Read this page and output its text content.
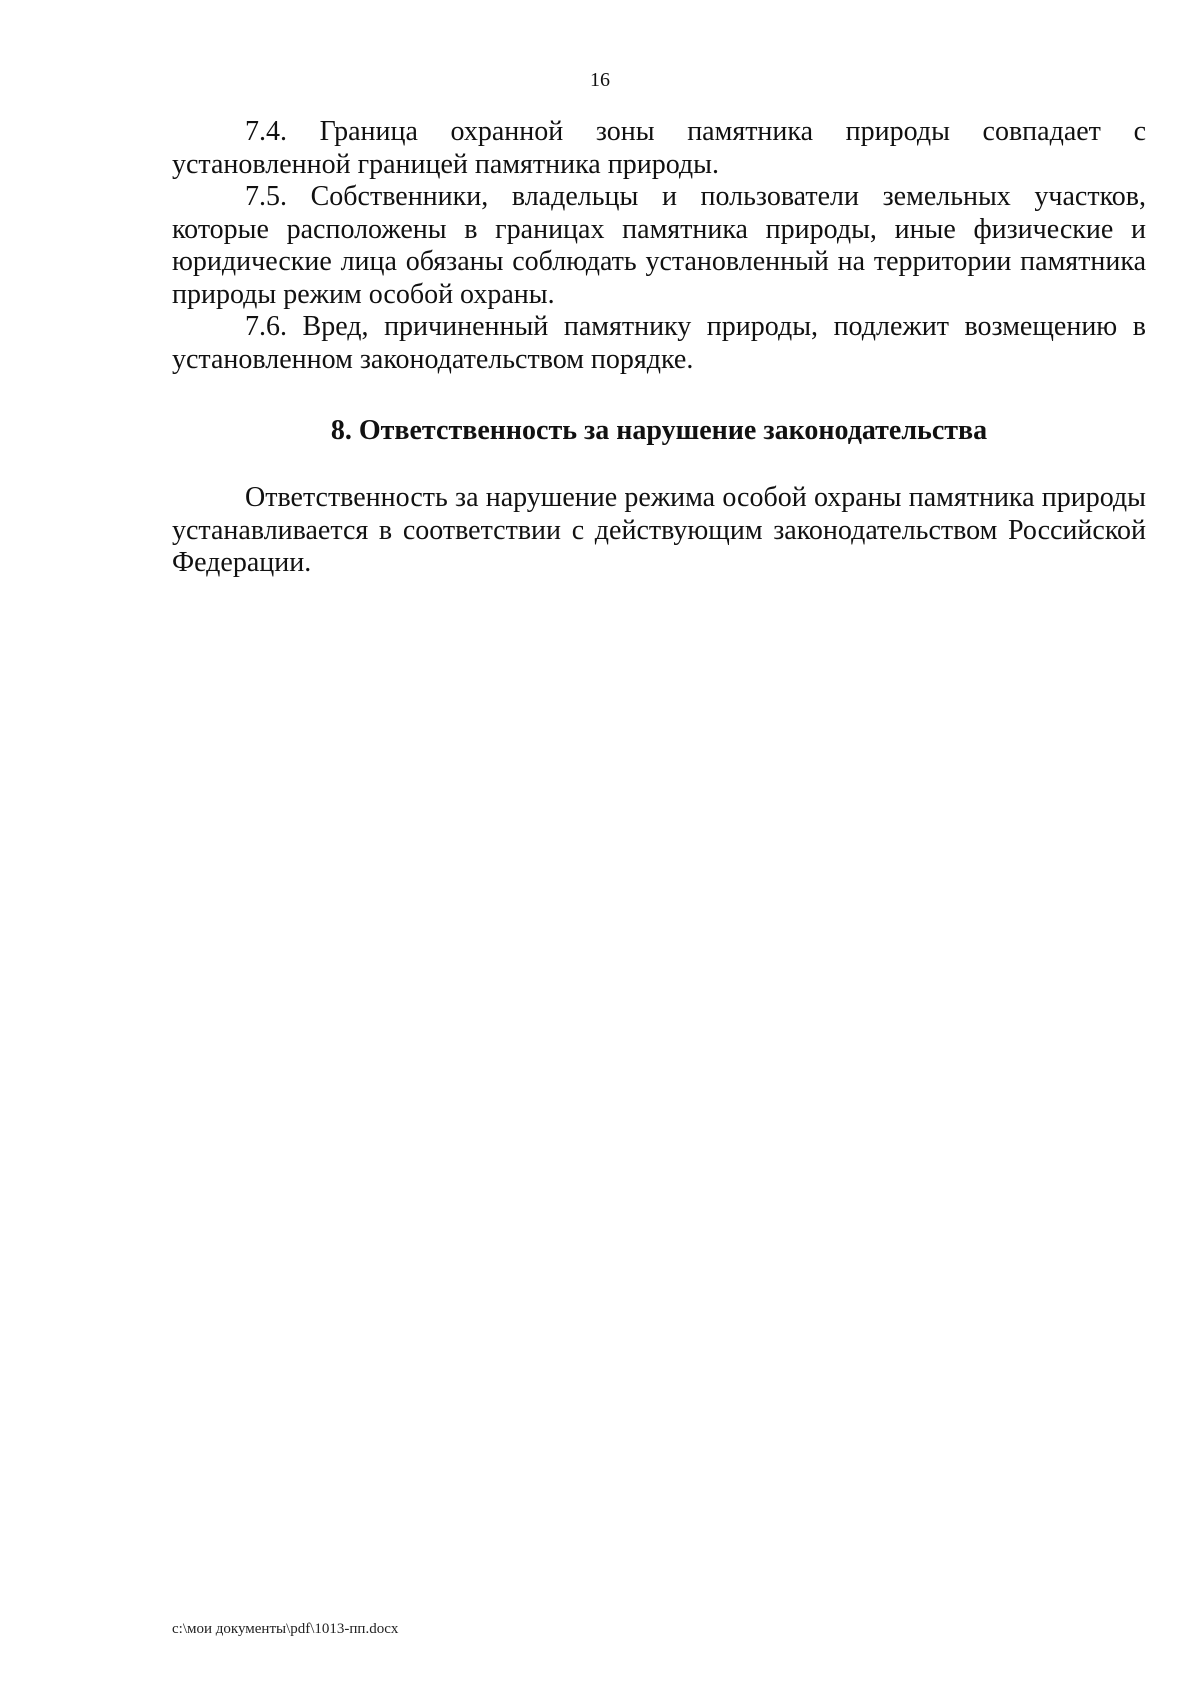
16

7.4. Граница охранной зоны памятника природы совпадает с установленной границей памятника природы.

7.5. Собственники, владельцы и пользователи земельных участков, которые расположены в границах памятника природы, иные физические и юридические лица обязаны соблюдать установленный на территории памятника природы режим особой охраны.

7.6. Вред, причиненный памятнику природы, подлежит возмещению в установленном законодательством порядке.

8. Ответственность за нарушение законодательства

Ответственность за нарушение режима особой охраны памятника природы устанавливается в соответствии с действующим законодательством Российской Федерации.

c:\мои документы\pdf\1013-пп.docx
